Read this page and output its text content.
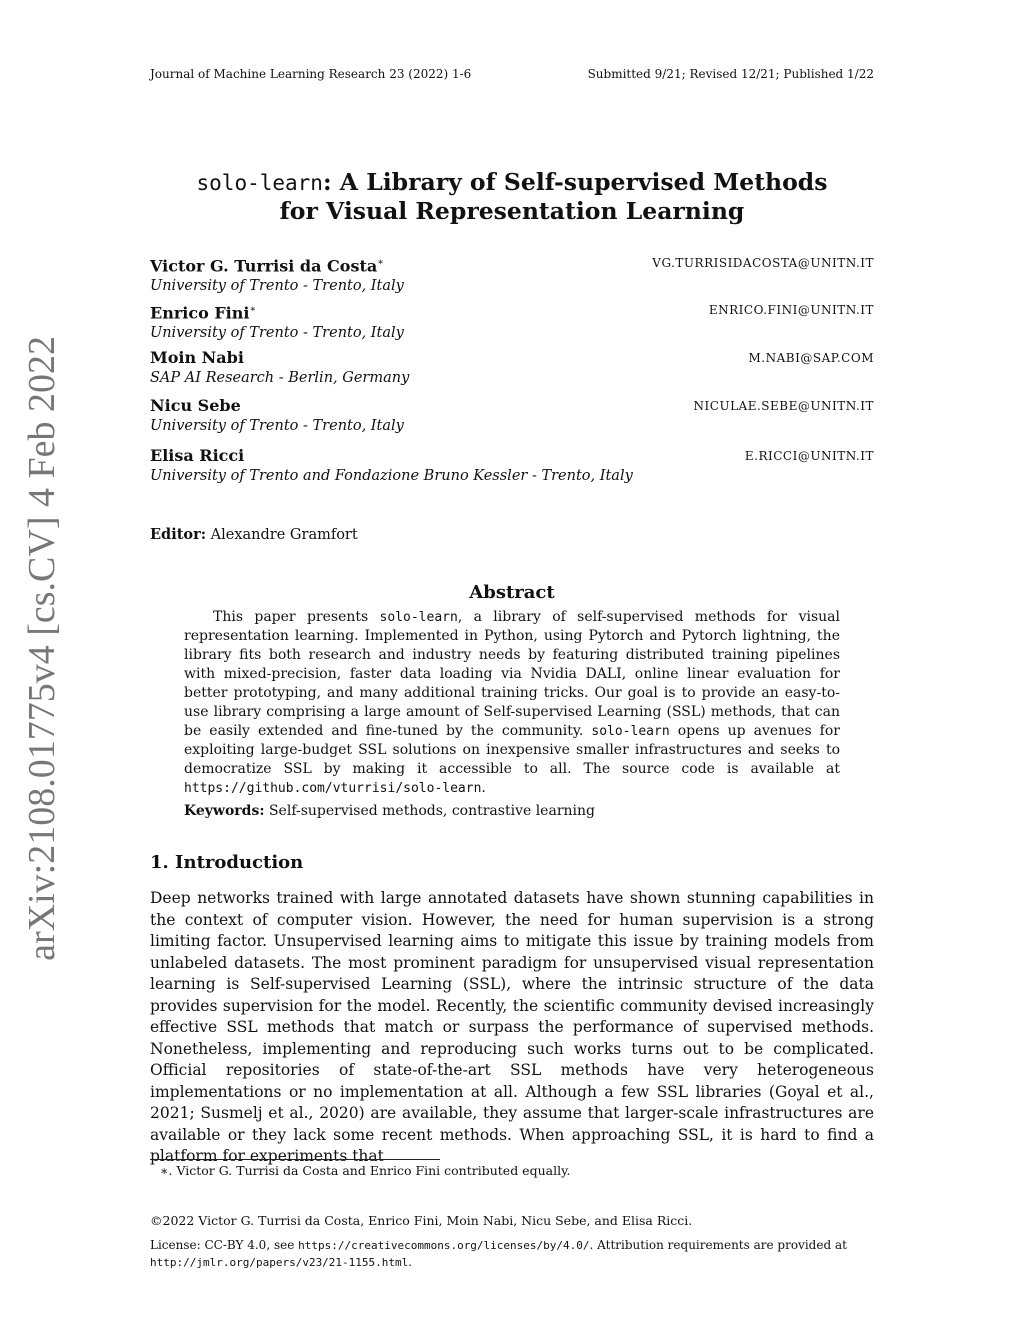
Journal of Machine Learning Research 23 (2022) 1-6	Submitted 9/21; Revised 12/21; Published 1/22
arXiv:2108.01775v4 [cs.CV] 4 Feb 2022
solo-learn: A Library of Self-supervised Methods
for Visual Representation Learning
Victor G. Turrisi da Costa∗
University of Trento - Trento, Italy
VG.TURRISIDACOSTA@UNITN.IT
Enrico Fini∗
University of Trento - Trento, Italy
ENRICO.FINI@UNITN.IT
Moin Nabi
SAP AI Research - Berlin, Germany
M.NABI@SAP.COM
Nicu Sebe
University of Trento - Trento, Italy
NICULAE.SEBE@UNITN.IT
Elisa Ricci
University of Trento and Fondazione Bruno Kessler - Trento, Italy
E.RICCI@UNITN.IT
Editor: Alexandre Gramfort
Abstract
This paper presents solo-learn, a library of self-supervised methods for visual representation learning. Implemented in Python, using Pytorch and Pytorch lightning, the library fits both research and industry needs by featuring distributed training pipelines with mixed-precision, faster data loading via Nvidia DALI, online linear evaluation for better prototyping, and many additional training tricks. Our goal is to provide an easy-to-use library comprising a large amount of Self-supervised Learning (SSL) methods, that can be easily extended and fine-tuned by the community. solo-learn opens up avenues for exploiting large-budget SSL solutions on inexpensive smaller infrastructures and seeks to democratize SSL by making it accessible to all. The source code is available at https://github.com/vturrisi/solo-learn.
Keywords: Self-supervised methods, contrastive learning
1. Introduction
Deep networks trained with large annotated datasets have shown stunning capabilities in the context of computer vision. However, the need for human supervision is a strong limiting factor. Unsupervised learning aims to mitigate this issue by training models from unlabeled datasets. The most prominent paradigm for unsupervised visual representation learning is Self-supervised Learning (SSL), where the intrinsic structure of the data provides supervision for the model. Recently, the scientific community devised increasingly effective SSL methods that match or surpass the performance of supervised methods. Nonetheless, implementing and reproducing such works turns out to be complicated. Official repositories of state-of-the-art SSL methods have very heterogeneous implementations or no implementation at all. Although a few SSL libraries (Goyal et al., 2021; Susmelj et al., 2020) are available, they assume that larger-scale infrastructures are available or they lack some recent methods. When approaching SSL, it is hard to find a platform for experiments that
∗. Victor G. Turrisi da Costa and Enrico Fini contributed equally.
©2022 Victor G. Turrisi da Costa, Enrico Fini, Moin Nabi, Nicu Sebe, and Elisa Ricci.
License: CC-BY 4.0, see https://creativecommons.org/licenses/by/4.0/. Attribution requirements are provided at http://jmlr.org/papers/v23/21-1155.html.
